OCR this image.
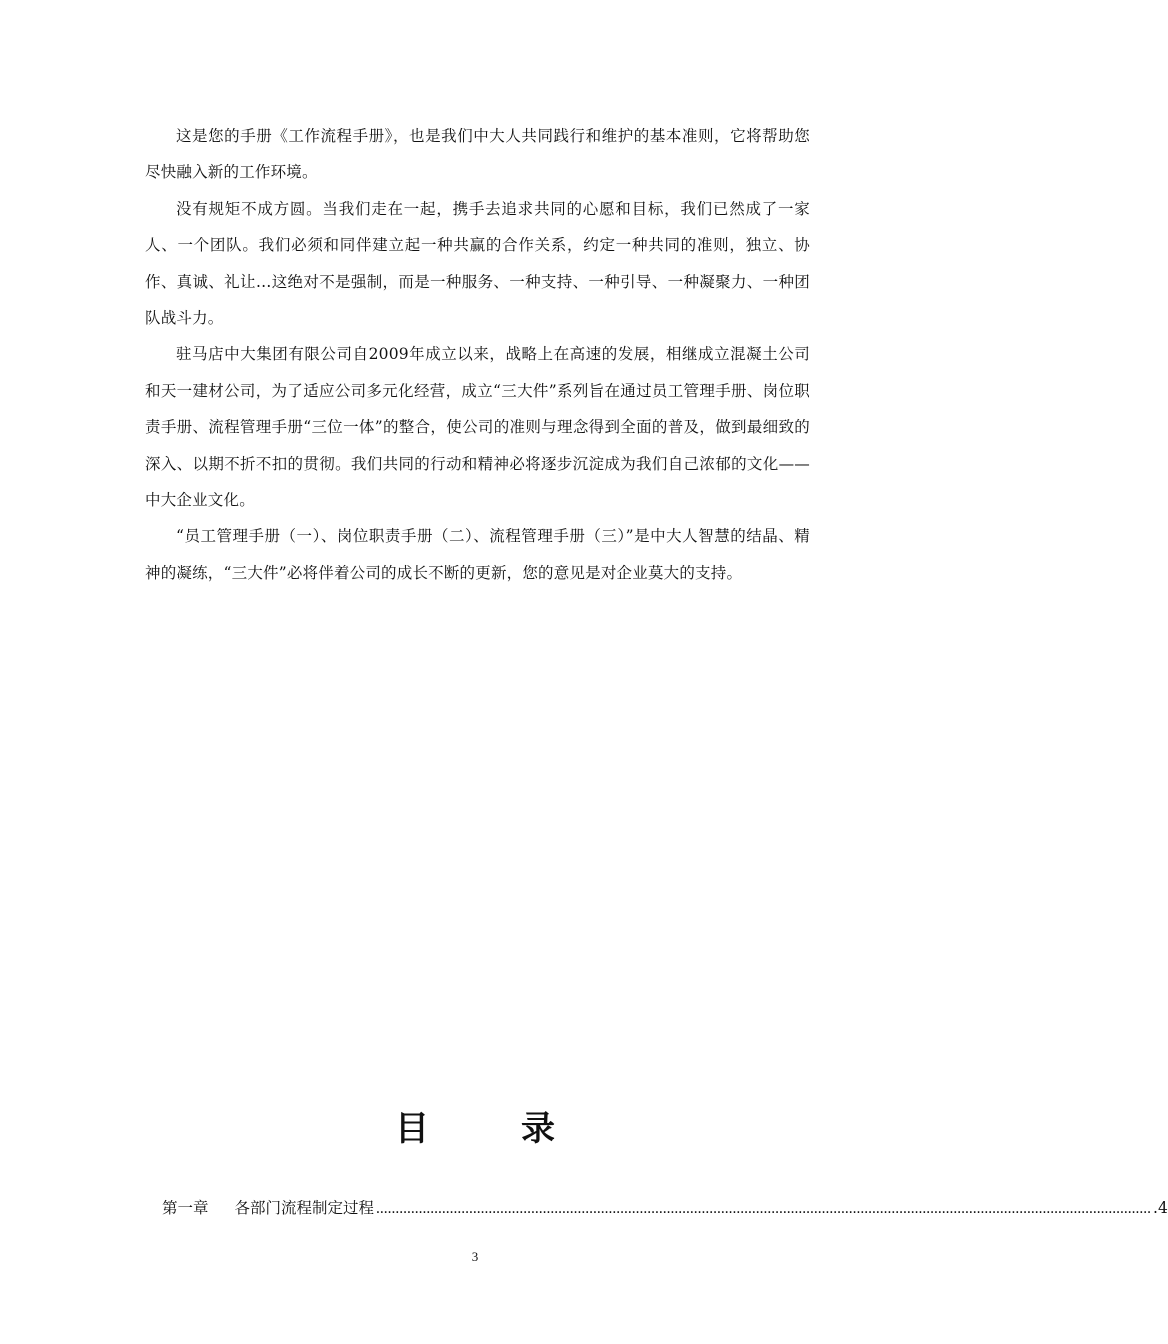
这是您的手册《工作流程手册》，也是我们中大人共同践行和维护的基本准则，它将帮助您尽快融入新的工作环境。

没有规矩不成方圆。当我们走在一起，携手去追求共同的心愿和目标，我们已然成了一家人、一个团队。我们必须和同伴建立起一种共赢的合作关系，约定一种共同的准则，独立、协作、真诚、礼让…这绝对不是强制，而是一种服务、一种支持、一种引导、一种凝聚力、一种团队战斗力。

驻马店中大集团有限公司自2009年成立以来，战略上在高速的发展，相继成立混凝土公司和天一建材公司，为了适应公司多元化经营，成立“三大件”系列旨在通过员工管理手册、岗位职责手册、流程管理手册“三位一体”的整合，使公司的准则与理念得到全面的普及，做到最细致的深入、以期不折不扣的贯彻。我们共同的行动和精神必将逐步沉淀成为我们自己浓郁的文化——中大企业文化。

“员工管理手册（一）、岗位职责手册（二）、流程管理手册（三）”是中大人智慧的结晶、精神的凝练，“三大件”必将伴着公司的成长不断的更新，您的意见是对企业莫大的支持。

目	录
第一章 各部门流程制定过程 ........................................................................................................................................................................................................ .4
3
